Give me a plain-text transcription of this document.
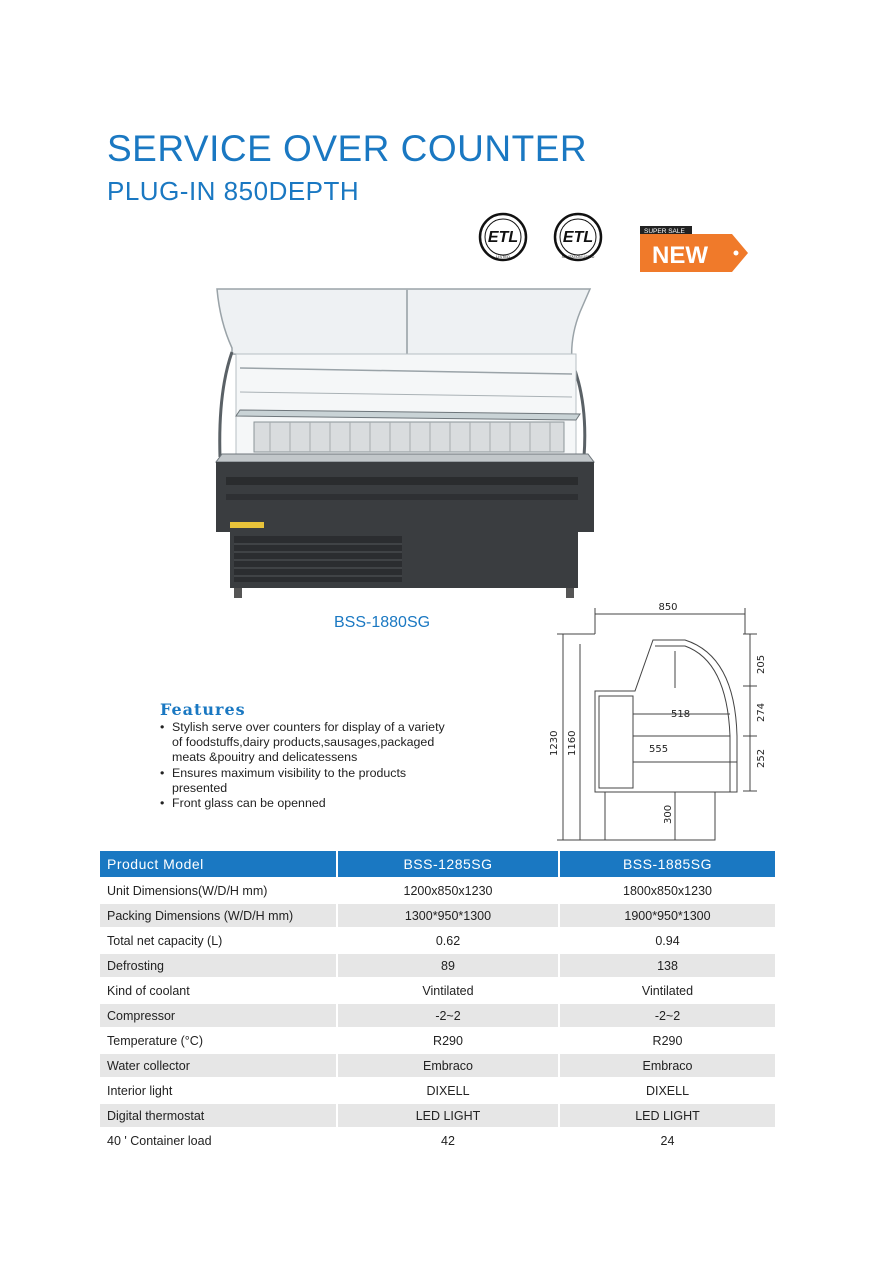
SERVICE OVER COUNTER
PLUG-IN 850DEPTH
ETL
LISTED
ETL
SANITATION LISTED
SUPER SALE
NEW
BSS-1880SG
850
1230 1160
205
274
252
300
518
555
Features
• Stylish serve over counters for display of a variety of foodstuffs,dairy products,sausages,packaged meats &pouitry and delicatessens
• Ensures maximum visibility to the products presented
• Front glass can be openned
Product Model	BSS-1285SG	BSS-1885SG
Unit Dimensions(W/D/H mm)	1200x850x1230	1800x850x1230
Packing Dimensions (W/D/H mm)	1300*950*1300	1900*950*1300
Total net capacity (L)	0.62	0.94
Defrosting	89	138
Kind of coolant	Vintilated	Vintilated
Compressor	-2~2	-2~2
Temperature (°C)	R290	R290
Water collector	Embraco	Embraco
Interior light	DIXELL	DIXELL
Digital thermostat	LED LIGHT	LED LIGHT
40 ' Container load	42	24
